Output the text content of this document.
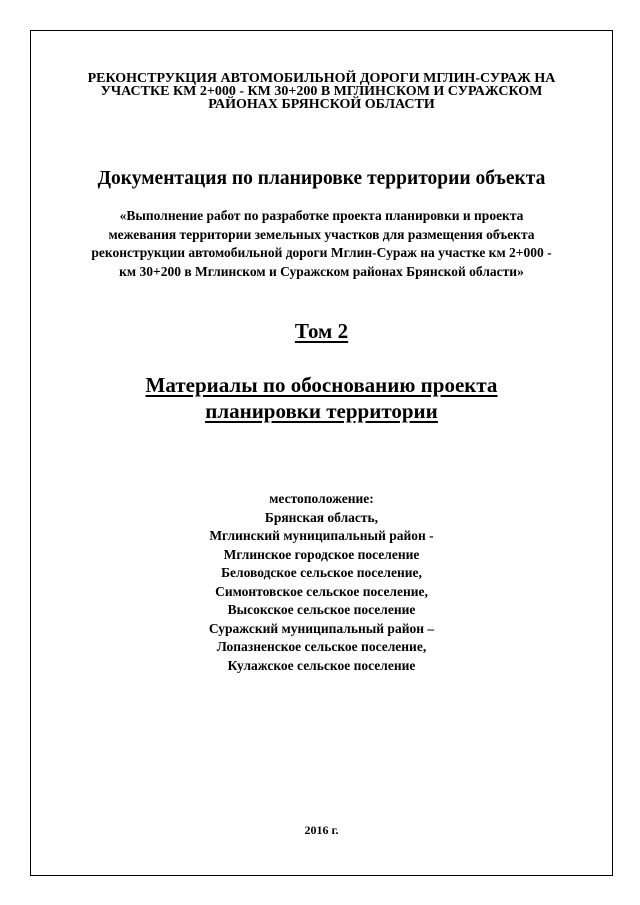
РЕКОНСТРУКЦИЯ АВТОМОБИЛЬНОЙ ДОРОГИ МГЛИН-СУРАЖ НА
УЧАСТКЕ КМ 2+000 - КМ 30+200 В МГЛИНСКОМ И СУРАЖСКОМ
РАЙОНАХ БРЯНСКОЙ ОБЛАСТИ
Документация по планировке территории объекта
«Выполнение работ по разработке проекта планировки и проекта
межевания территории земельных участков для размещения объекта
реконструкции автомобильной дороги Мглин-Сураж на участке км 2+000 -
км 30+200 в Мглинском и Суражском районах Брянской области»
Том 2
Материалы по обоснованию проекта
планировки территории
местоположение:
Брянская область,
Мглинский муниципальный район -
Мглинское городское поселение
Беловодское сельское поселение,
Симонтовское сельское поселение,
Высокское сельское поселение
Суражский муниципальный район –
Лопазненское сельское поселение,
Кулажское сельское поселение
2016 г.
